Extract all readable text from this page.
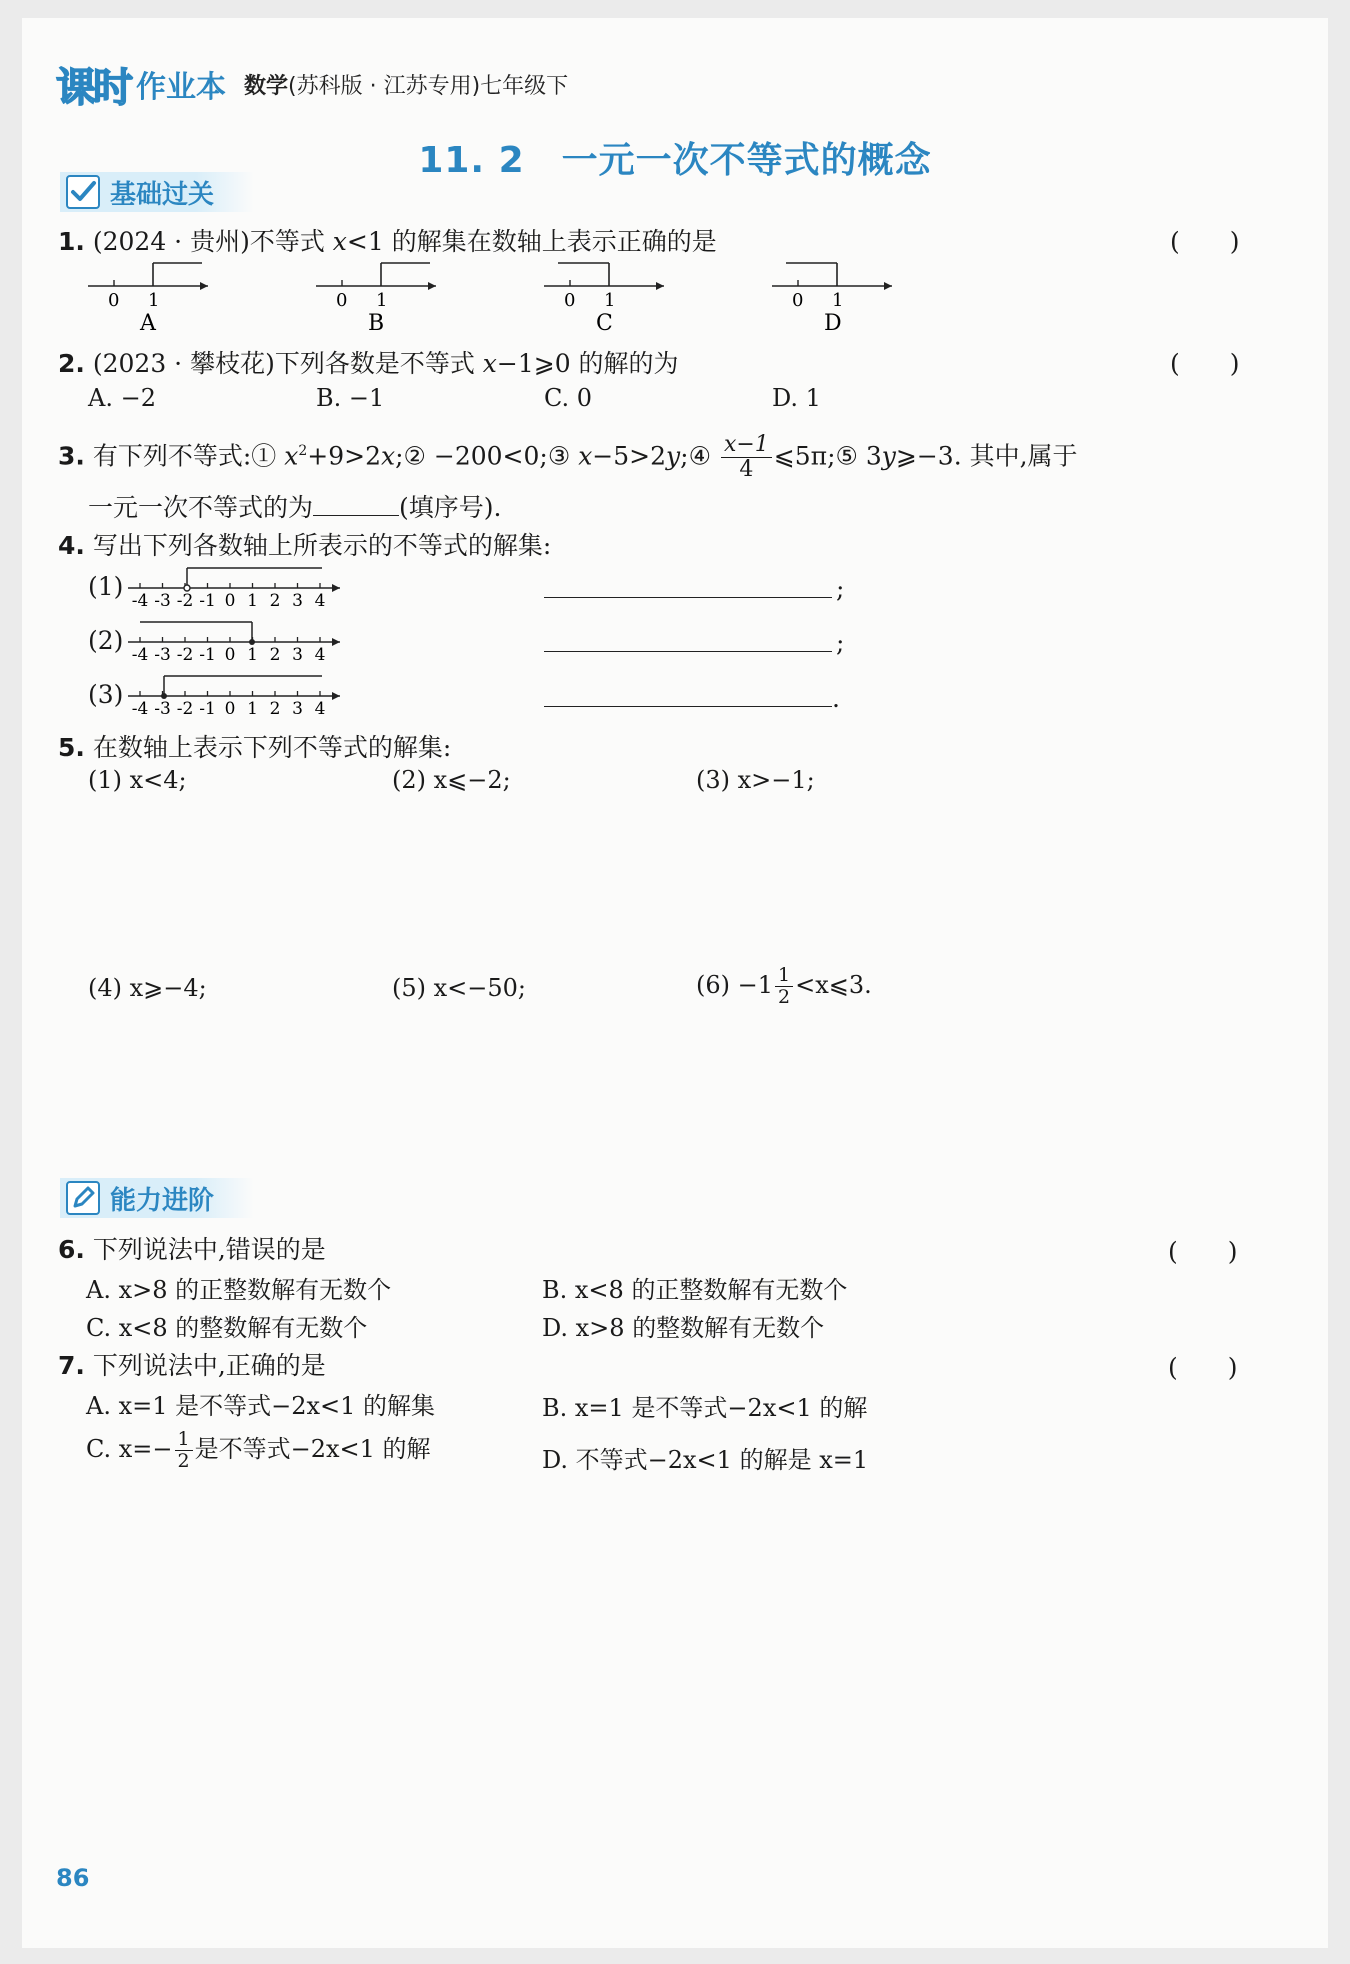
课时 作业本 数学(苏科版 · 江苏专用)七年级下
11. 2　一元一次不等式的概念
基础过关
1. (2024 · 贵州)不等式 x<1 的解集在数轴上表示正确的是	(　　)
0 1
A
0 1
B
0 1
C
0 1
D
2. (2023 · 攀枝花)下列各数是不等式 x−1⩾0 的解的为	(　　)
A. −2	B. −1	C. 0	D. 1
3. 有下列不等式:① $x^2+9>2x;②$ −200<0;③ x−5>2y;④ $\frac{x-1}{4}$ ⩽5π;⑤ 3y⩾−3. 其中,属于
一元一次不等式的为	(填序号).
4. 写出下列各数轴上所表示的不等式的解集:
(1) -4 -3 -2 -1 0 1 2 3 4	;
(2) -4 -3 -2 -1 0 1 2 3 4	;
(3) -4 -3 -2 -1 0 1 2 3 4	.
5. 在数轴上表示下列不等式的解集:
(1) x<4;	(2) x⩽−2;	(3) x>−1;
(4) x⩾−4;	(5) x<−50;	$(6) -1 \frac{1}{2}$ <x⩽3.
能力进阶
6. 下列说法中,错误的是	(　　)
A. x>8 的正整数解有无数个	B. x<8 的正整数解有无数个
C. x<8 的整数解有无数个	D. x>8 的整数解有无数个
7. 下列说法中,正确的是	(　　)
A. x=1 是不等式−2x<1 的解集	B. x=1 是不等式−2x<1 的解
C. $x=- \frac{1}{2}$ 是不等式−2x<1 的解	D. 不等式−2x<1 的解是 x=1
86
